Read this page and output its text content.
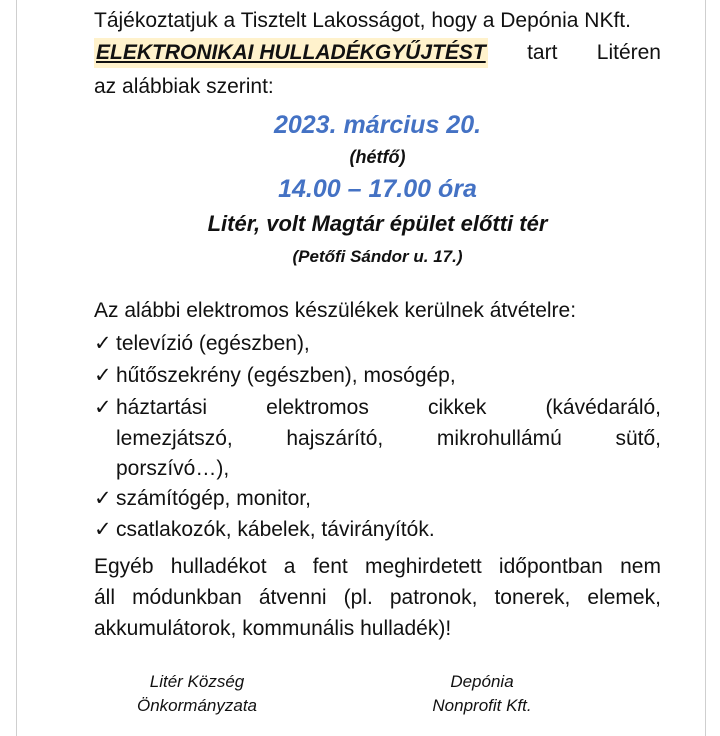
Tájékoztatjuk a Tisztelt Lakosságot, hogy a Depónia NKft.
ELEKTRONIKAI HULLADÉKGYŰJTÉST tart Litéren
az alábbiak szerint:
2023. március 20.
(hétfő)
14.00 – 17.00 óra
Litér, volt Magtár épület előtti tér
(Petőfi Sándor u. 17.)
Az alábbi elektromos készülékek kerülnek átvételre:
✓ televízió (egészben),
✓ hűtőszekrény (egészben), mosógép,
✓ háztartási	elektromos	cikkek	(kávédaráló,
lemezjátszó,	hajszárító,	mikrohullámú	sütő,
porszívó…),
✓ számítógép, monitor,
✓ csatlakozók, kábelek, távirányítók.
Egyéb hulladékot a fent meghirdetett időpontban nem
áll módunkban átvenni (pl. patronok, tonerek, elemek,
akkumulátorok, kommunális hulladék)!
Litér Község
Önkormányzata
Depónia
Nonprofit Kft.
